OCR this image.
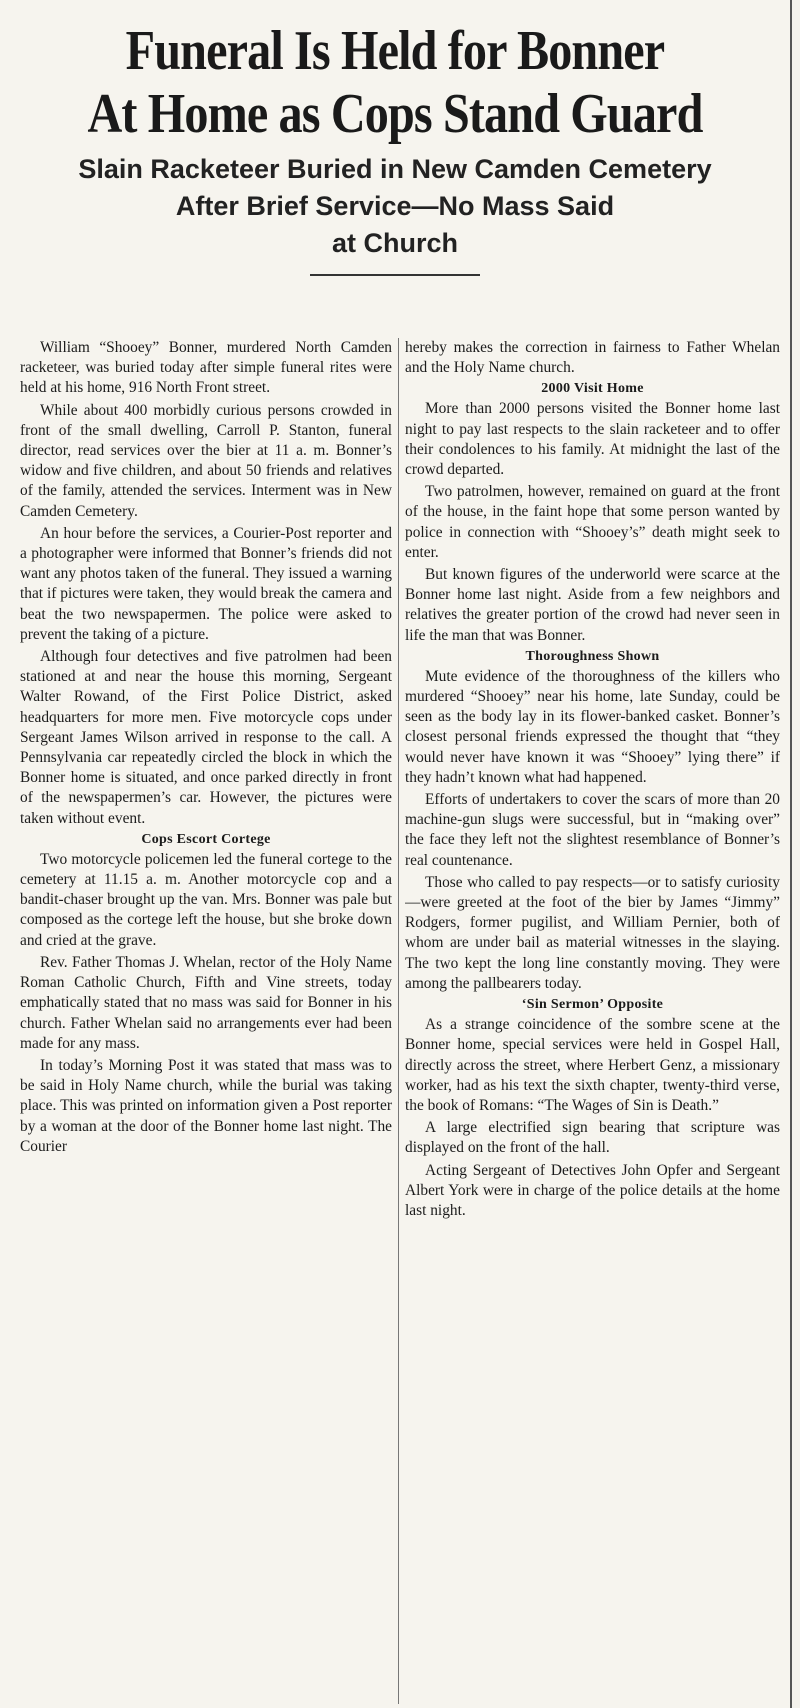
Funeral Is Held for Bonner
At Home as Cops Stand Guard
Slain Racketeer Buried in New Camden Cemetery
After Brief Service—No Mass Said
at Church

William “Shooey” Bonner, murdered North Camden racketeer, was buried today after simple funeral rites were held at his home, 916 North Front street.

While about 400 morbidly curious persons crowded in front of the small dwelling, Carroll P. Stanton, funeral director, read services over the bier at 11 a. m. Bonner’s widow and five children, and about 50 friends and relatives of the family, attended the services. Interment was in New Camden Cemetery.

An hour before the services, a Courier-Post reporter and a photographer were informed that Bonner’s friends did not want any photos taken of the funeral. They issued a warning that if pictures were taken, they would break the camera and beat the two newspapermen. The police were asked to prevent the taking of a picture.

Although four detectives and five patrolmen had been stationed at and near the house this morning, Sergeant Walter Rowand, of the First Police District, asked headquarters for more men. Five motorcycle cops under Sergeant James Wilson arrived in response to the call. A Pennsylvania car repeatedly circled the block in which the Bonner home is situated, and once parked directly in front of the newspapermen’s car. However, the pictures were taken without event.

Cops Escort Cortege

Two motorcycle policemen led the funeral cortege to the cemetery at 11.15 a. m. Another motorcycle cop and a bandit-chaser brought up the van. Mrs. Bonner was pale but composed as the cortege left the house, but she broke down and cried at the grave.

Rev. Father Thomas J. Whelan, rector of the Holy Name Roman Catholic Church, Fifth and Vine streets, today emphatically stated that no mass was said for Bonner in his church. Father Whelan said no arrangements ever had been made for any mass.

In today’s Morning Post it was stated that mass was to be said in Holy Name church, while the burial was taking place. This was printed on information given a Post reporter by a woman at the door of the Bonner home last night. The Courier

hereby makes the correction in fairness to Father Whelan and the Holy Name church.

2000 Visit Home

More than 2000 persons visited the Bonner home last night to pay last respects to the slain racketeer and to offer their condolences to his family. At midnight the last of the crowd departed.

Two patrolmen, however, remained on guard at the front of the house, in the faint hope that some person wanted by police in connection with “Shooey’s” death might seek to enter.

But known figures of the underworld were scarce at the Bonner home last night. Aside from a few neighbors and relatives the greater portion of the crowd had never seen in life the man that was Bonner.

Thoroughness Shown

Mute evidence of the thoroughness of the killers who murdered “Shooey” near his home, late Sunday, could be seen as the body lay in its flower-banked casket. Bonner’s closest personal friends expressed the thought that “they would never have known it was “Shooey” lying there” if they hadn’t known what had happened.

Efforts of undertakers to cover the scars of more than 20 machine-gun slugs were successful, but in “making over” the face they left not the slightest resemblance of Bonner’s real countenance.

Those who called to pay respects—or to satisfy curiosity—were greeted at the foot of the bier by James “Jimmy” Rodgers, former pugilist, and William Pernier, both of whom are under bail as material witnesses in the slaying. The two kept the long line constantly moving. They were among the pallbearers today.

‘Sin Sermon’ Opposite

As a strange coincidence of the sombre scene at the Bonner home, special services were held in Gospel Hall, directly across the street, where Herbert Genz, a missionary worker, had as his text the sixth chapter, twenty-third verse, the book of Romans: “The Wages of Sin is Death.”

A large electrified sign bearing that scripture was displayed on the front of the hall.

Acting Sergeant of Detectives John Opfer and Sergeant Albert York were in charge of the police details at the home last night.
